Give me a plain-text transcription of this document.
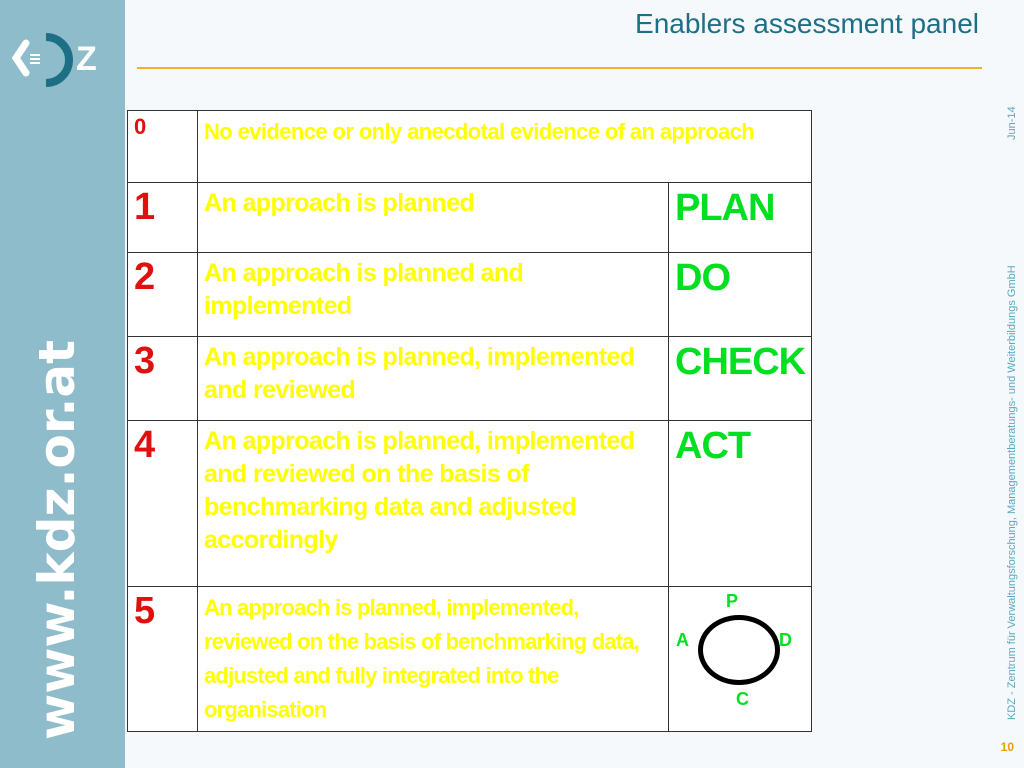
Z
www.kdz.or.at
Enablers assessment panel
Jun-14
KDZ - Zentrum für Verwaltungsforschung, Managementberatungs- und Weiterbildungs GmbH
10
0	No evidence or only anecdotal evidence of an approach	
1	An approach is planned	PLAN
2	An approach is planned and implemented	DO
3	An approach is planned, implemented and reviewed	CHECK
4	An approach is planned, implemented and reviewed on the basis of benchmarking data and adjusted accordingly	ACT
5	An approach is planned, implemented, reviewed on the basis of benchmarking data, adjusted and fully integrated into the organisation	P
D
C
A
